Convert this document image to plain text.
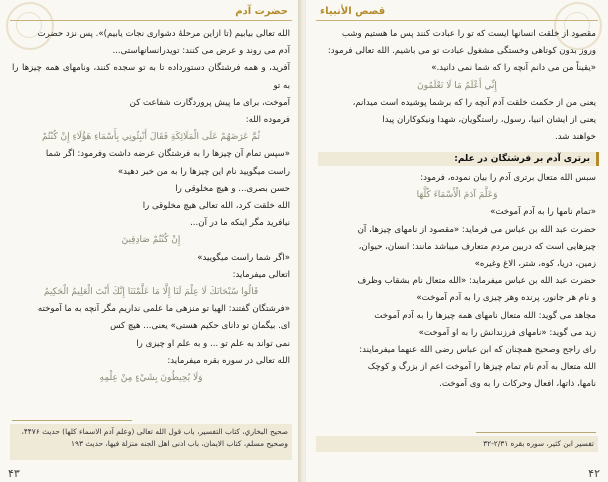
حضرت آدم
الله تعالی بیابیم (تا ازاین مرحلهٔ دشواری نجات یابیم)». پس نزد حضرت
آدم می روند و عرض می کنند: تویدرانسانهاستی...
آفرید، و همه فرشتگان دستورداده تا به تو سجده کنند، ونامهای همه چیزها را به تو
آموخت، برای ما پیش پروردگارت شفاعت کن
فرموده الله:
ثُمَّ عَرَضَهُمْ عَلَى الْمَلَائِكَةِ فَقَالَ أَنْبِئُونِي بِأَسْمَاءِ هَؤُلَاءِ إِنْ كُنْتُمْ
«سپس تمام آن چیزها را به فرشتگان عرضه داشت وفرمود: اگر شما
راست میگویید نام این چیزها را به من خبر دهید»
حسن بصری... و هیچ مخلوقی را
الله خلقت کرد، الله تعالی هیچ مخلوقی را
نیافرید مگر اینکه ما در آن...
إِنْ كُنْتُمْ صَادِقِينَ
«اگر شما راست میگویید»
اتعالی میفرماید:
قَالُوا سُبْحَانَكَ لَا عِلْمَ لَنَا إِلَّا مَا عَلَّمْتَنَا إِنَّكَ أَنْتَ الْعَلِيمُ الْحَكِيمُ
«فرشتگان گفتند: الهیا تو منزهی ما علمی نداریم مگر آنچه به ما آموخته
ای. بیگمان تو دانای حکیم هستی» یعنی... هیچ کس
نمی تواند به علم تو ... و به علم او چیزی را
الله تعالی در سوره بقره میفرماید:
وَلَا يُحِيطُونَ بِشَيْءٍ مِنْ عِلْمِهِ
صحیح البخاري، کتاب التفسیر، باب قول الله تعالی (وعلم آدم الاسماء کلها) حدیث ۴۴۷۶، وصحیح مسلم، کتاب الایمان، باب ادنی اهل الجنه منزلة فیها، حدیث ۱۹۳
۴۳
قصص الأنبياء
مقصود از خلقت انسانها ایست که تو را عبادت کنند پس ما هستیم وشب
وروز بدون کوتاهی وخستگی مشغول عبادت تو می باشیم. الله تعالی فرمود:
«یقیناً من می دانم آنچه را که شما نمی دانید.»
إِنِّي أَعْلَمُ مَا لَا تَعْلَمُونَ
یعنی من از حکمت خلقت آدم آنچه را که برشما پوشیده است میدانم،
یعنی از ایشان انبیا، رسول، راستگویان، شهدا ونیکوکاران پیدا
خواهند شد.
برتری آدم بر فرشتگان در علم:
سبس الله متعال برتری آدم را بیان نموده، فرمود:
وَعَلَّمَ آدَمَ الْأَسْمَاءَ كُلَّهَا
«تمام نامها را به آدم آموخت»
حضرت عبد الله بن عباس می فرماید: «مقصود از نامهای چیزها، آن
چیزهایی است که دربین مردم متعارف میباشد مانند: انسان، حیوان،
زمین، دریا، کوه، شتر، الاغ وغیره»
حضرت عبد الله بن عباس میفرماید: «الله متعال نام بشقاب وظرف
و نام هر جانور، پرنده وهر چیزی را به آدم آموخت»
مجاهد می گوید: الله متعال نامهای همه چیزها را به آدم آموخت
زید می گوید: «نامهای فرزندانش را به او آموخت»
رای راجح وصحیح همچنان که ابن عباس رضی الله عنهما میفرمایند:
الله متعال به آدم نام تمام چیزها را آموخت اعم از بزرگ و کوچک
نامها، ذاتها، افعال وحرکات را به وی آموخت.
تفسیر ابن کثیر، سوره بقره ۲/۳۱-۳۲
۴۲
